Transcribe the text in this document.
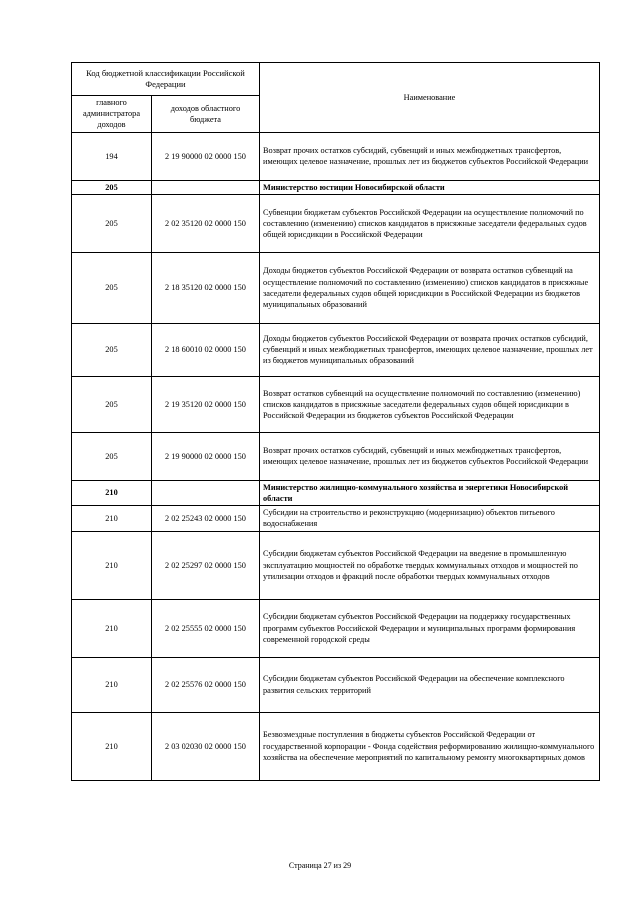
Код бюджетной классификации Российской Федерации		Наименование
главного администратора доходов	доходов областного бюджета	
194	2 19 90000 02 0000 150	Возврат прочих остатков субсидий, субвенций и иных межбюджетных трансфертов, имеющих целевое назначение, прошлых лет из бюджетов субъектов Российской Федерации
205		Министерство юстиции Новосибирской области
205	2 02 35120 02 0000 150	Субвенции бюджетам субъектов Российской Федерации на осуществление полномочий по составлению (изменению) списков кандидатов в присяжные заседатели федеральных судов общей юрисдикции в Российской Федерации
205	2 18 35120 02 0000 150	Доходы бюджетов субъектов Российской Федерации от возврата остатков субвенций на осуществление полномочий по составлению (изменению) списков кандидатов в присяжные заседатели федеральных судов общей юрисдикции в Российской Федерации из бюджетов муниципальных образований
205	2 18 60010 02 0000 150	Доходы бюджетов субъектов Российской Федерации от возврата прочих остатков субсидий, субвенций и иных межбюджетных трансфертов, имеющих целевое назначение, прошлых лет из бюджетов муниципальных образований
205	2 19 35120 02 0000 150	Возврат остатков субвенций на осуществление полномочий по составлению (изменению) списков кандидатов в присяжные заседатели федеральных судов общей юрисдикции в Российской Федерации из бюджетов субъектов Российской Федерации
205	2 19 90000 02 0000 150	Возврат прочих остатков субсидий, субвенций и иных межбюджетных трансфертов, имеющих целевое назначение, прошлых лет из бюджетов субъектов Российской Федерации
210		Министерство жилищно-коммунального хозяйства и энергетики Новосибирской области
210	2 02 25243 02 0000 150	Субсидии на строительство и реконструкцию (модернизацию) объектов питьевого водоснабжения
210	2 02 25297 02 0000 150	Субсидии бюджетам субъектов Российской Федерации на введение в промышленную эксплуатацию мощностей по обработке твердых коммунальных отходов и мощностей по утилизации отходов и фракций после обработки твердых коммунальных отходов
210	2 02 25555 02 0000 150	Субсидии бюджетам субъектов Российской Федерации на поддержку государственных программ субъектов Российской Федерации и муниципальных программ формирования современной городской среды
210	2 02 25576 02 0000 150	Субсидии бюджетам субъектов Российской Федерации на обеспечение комплексного развития сельских территорий
210	2 03 02030 02 0000 150	Безвозмездные поступления в бюджеты субъектов Российской Федерации от государственной корпорации - Фонда содействия реформированию жилищно-коммунального хозяйства на обеспечение мероприятий по капитальному ремонту многоквартирных домов
Страница 27 из 29
